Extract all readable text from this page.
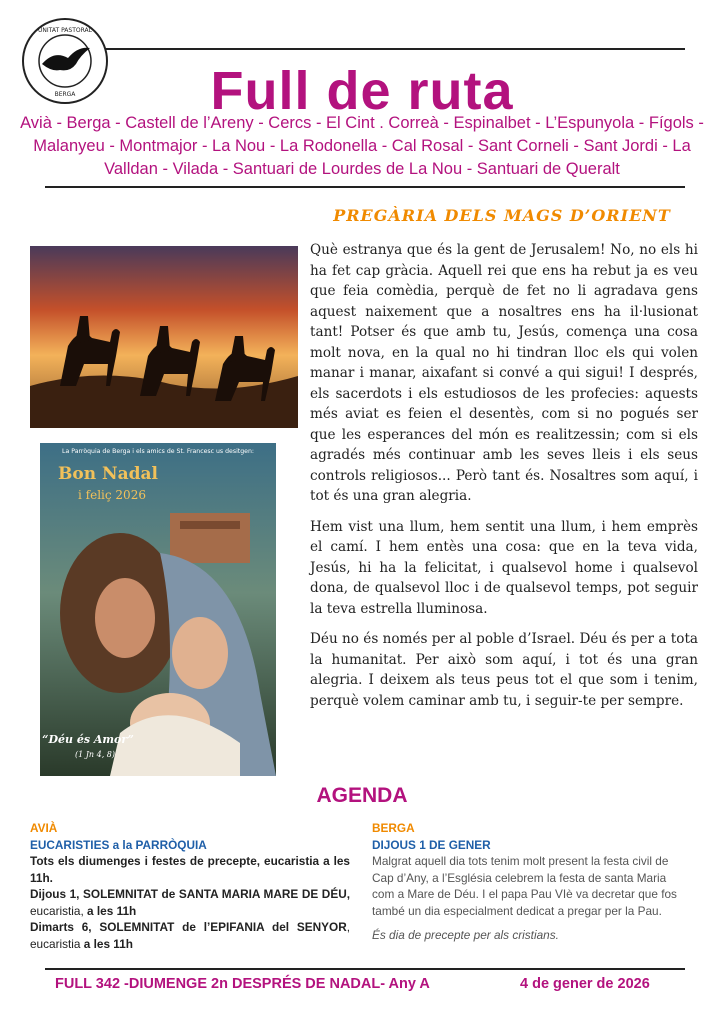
UNITAT PASTORAL
BERGA	Full de ruta
Avià - Berga - Castell de l’Areny - Cercs - El Cint . Correà - Espinalbet - L’Espunyola - Fígols - Malanyeu - Montmajor - La Nou - La Rodonella - Cal Rosal - Sant Corneli - Sant Jordi - La Valldan - Vilada - Santuari de Lourdes de La Nou - Santuari de Queralt
PREGÀRIA DELS MAGS D’ORIENT
La Parròquia de Berga i els amics de St. Francesc us desitgen:
Bon Nadal
i feliç 2026
“Déu és Amor”
(1 Jn 4, 8)

Què estranya que és la gent de Jerusalem! No, no els hi ha fet cap gràcia. Aquell rei que ens ha rebut ja es veu que feia comèdia, perquè de fet no li agradava gens aquest naixement que a nosaltres ens ha il·lusionat tant! Potser és que amb tu, Jesús, comença una cosa molt nova, en la qual no hi tindran lloc els qui volen manar i manar, aixafant si convé a qui sigui! I després, els sacerdots i els estudiosos de les profecies: aquests més aviat es feien el desentès, com si no pogués ser que les esperances del món es realitzessin; com si els agradés més continuar amb les seves lleis i els seus controls religiosos... Però tant és. Nosaltres som aquí, i tot és una gran alegria.

Hem vist una llum, hem sentit una llum, i hem emprès el camí. I hem entès una cosa: que en la teva vida, Jesús, hi ha la felicitat, i qualsevol home i qualsevol dona, de qualsevol lloc i de qualsevol temps, pot seguir la teva estrella lluminosa.

Déu no és només per al poble d’Israel. Déu és per a tota la humanitat. Per això som aquí, i tot és una gran alegria. I deixem als teus peus tot el que som i tenim, perquè volem caminar amb tu, i seguir-te per sempre.

AGENDA
AVIÀ
EUCARISTIES a la PARRÒQUIA
Tots els diumenges i festes de precepte, eucaristia a les 11h.
Dijous 1, SOLEMNITAT de SANTA MARIA MARE DE DÉU, eucaristia, a les 11h
Dimarts 6, SOLEMNITAT de l’EPIFANIA del SENYOR, eucaristia a les 11h
BERGA
DIJOUS 1 DE GENER
Malgrat aquell dia tots tenim molt present la festa civil de Cap d’Any, a l’Església celebrem la festa de santa Maria com a Mare de Déu. I el papa Pau VIè va decretar que fos també un dia especialment dedicat a pregar per la Pau.
És dia de precepte per als cristians.
FULL 342 -DIUMENGE 2n DESPRÉS DE NADAL- Any A	4 de gener de 2026
